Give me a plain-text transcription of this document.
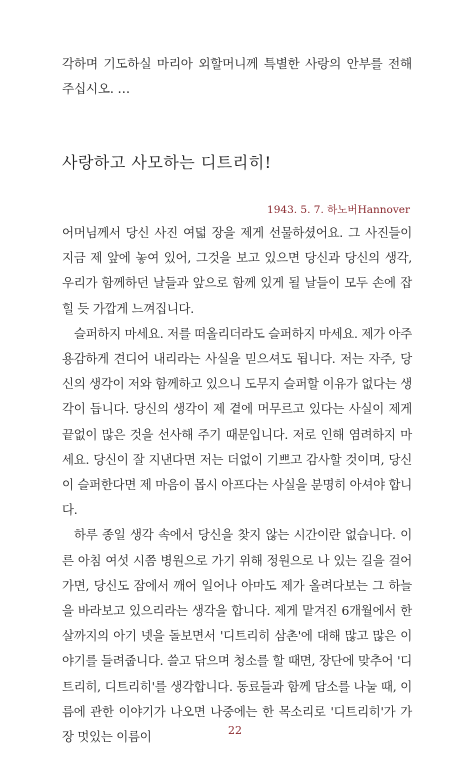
각하며 기도하실 마리아 외할머니께 특별한 사랑의 안부를 전해 주십시오. …

사랑하고 사모하는 디트리히!

1943. 5. 7. 하노버Hannover

어머님께서 당신 사진 여덟 장을 제게 선물하셨어요. 그 사진들이 지금 제 앞에 놓여 있어, 그것을 보고 있으면 당신과 당신의 생각, 우리가 함께하던 날들과 앞으로 함께 있게 될 날들이 모두 손에 잡힐 듯 가깝게 느껴집니다.

슬퍼하지 마세요. 저를 떠올리더라도 슬퍼하지 마세요. 제가 아주 용감하게 견디어 내리라는 사실을 믿으셔도 됩니다. 저는 자주, 당신의 생각이 저와 함께하고 있으니 도무지 슬퍼할 이유가 없다는 생각이 듭니다. 당신의 생각이 제 곁에 머무르고 있다는 사실이 제게 끝없이 많은 것을 선사해 주기 때문입니다. 저로 인해 염려하지 마세요. 당신이 잘 지낸다면 저는 더없이 기쁘고 감사할 것이며, 당신이 슬퍼한다면 제 마음이 몹시 아프다는 사실을 분명히 아셔야 합니다.

하루 종일 생각 속에서 당신을 찾지 않는 시간이란 없습니다. 이른 아침 여섯 시쯤 병원으로 가기 위해 정원으로 나 있는 길을 걸어가면, 당신도 잠에서 깨어 일어나 아마도 제가 올려다보는 그 하늘을 바라보고 있으리라는 생각을 합니다. 제게 맡겨진 6개월에서 한 살까지의 아기 넷을 돌보면서 '디트리히 삼촌'에 대해 많고 많은 이야기를 들려줍니다. 쓸고 닦으며 청소를 할 때면, 장단에 맞추어 '디트리히, 디트리히'를 생각합니다. 동료들과 함께 담소를 나눌 때, 이름에 관한 이야기가 나오면 나중에는 한 목소리로 '디트리히'가 가장 멋있는 이름이	22
